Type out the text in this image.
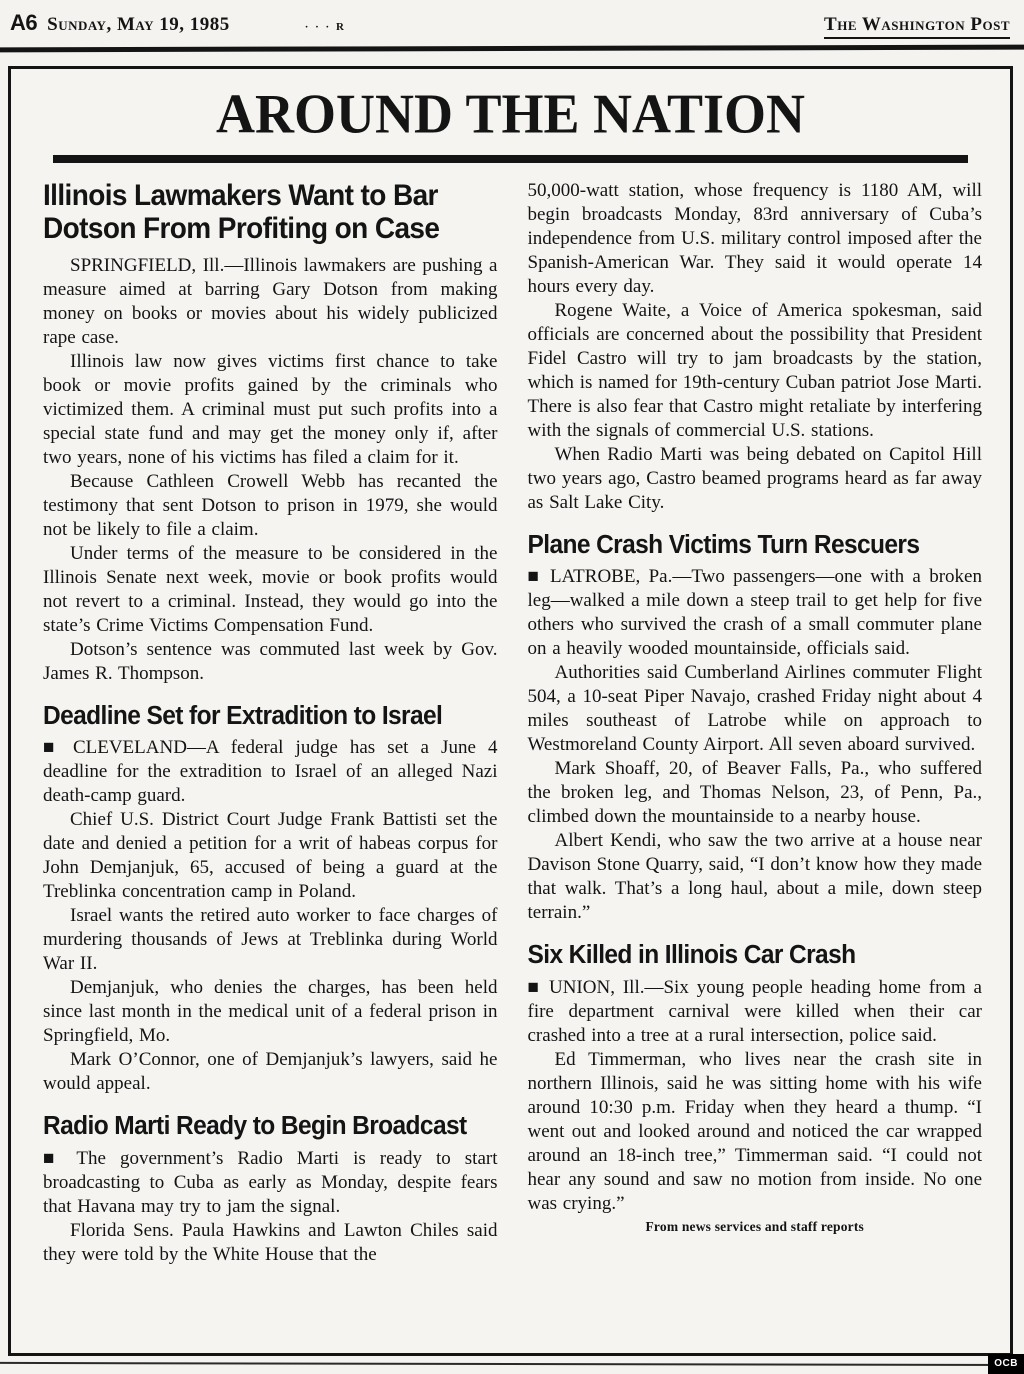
A6 Sunday, May 19, 1985	· · · R	The Washington Post
AROUND THE NATION
Illinois Lawmakers Want to Bar Dotson From Profiting on Case

SPRINGFIELD, Ill.—Illinois lawmakers are pushing a measure aimed at barring Gary Dotson from making money on books or movies about his widely publicized rape case.

Illinois law now gives victims first chance to take book or movie profits gained by the criminals who victimized them. A criminal must put such profits into a special state fund and may get the money only if, after two years, none of his victims has filed a claim for it.

Because Cathleen Crowell Webb has recanted the testimony that sent Dotson to prison in 1979, she would not be likely to file a claim.

Under terms of the measure to be considered in the Illinois Senate next week, movie or book profits would not revert to a criminal. Instead, they would go into the state’s Crime Victims Compensation Fund.

Dotson’s sentence was commuted last week by Gov. James R. Thompson.

Deadline Set for Extradition to Israel

■ CLEVELAND—A federal judge has set a June 4 deadline for the extradition to Israel of an alleged Nazi death-camp guard.

Chief U.S. District Court Judge Frank Battisti set the date and denied a petition for a writ of habeas corpus for John Demjanjuk, 65, accused of being a guard at the Treblinka concentration camp in Poland.

Israel wants the retired auto worker to face charges of murdering thousands of Jews at Treblinka during World War II.

Demjanjuk, who denies the charges, has been held since last month in the medical unit of a federal prison in Springfield, Mo.

Mark O’Connor, one of Demjanjuk’s lawyers, said he would appeal.

Radio Marti Ready to Begin Broadcast

■ The government’s Radio Marti is ready to start broadcasting to Cuba as early as Monday, despite fears that Havana may try to jam the signal.

Florida Sens. Paula Hawkins and Lawton Chiles said they were told by the White House that the

50,000-watt station, whose frequency is 1180 AM, will begin broadcasts Monday, 83rd anniversary of Cuba’s independence from U.S. military control imposed after the Spanish-American War. They said it would operate 14 hours every day.

Rogene Waite, a Voice of America spokesman, said officials are concerned about the possibility that President Fidel Castro will try to jam broadcasts by the station, which is named for 19th-century Cuban patriot Jose Marti. There is also fear that Castro might retaliate by interfering with the signals of commercial U.S. stations.

When Radio Marti was being debated on Capitol Hill two years ago, Castro beamed programs heard as far away as Salt Lake City.

Plane Crash Victims Turn Rescuers

■ LATROBE, Pa.—Two passengers—one with a broken leg—walked a mile down a steep trail to get help for five others who survived the crash of a small commuter plane on a heavily wooded mountainside, officials said.

Authorities said Cumberland Airlines commuter Flight 504, a 10-seat Piper Navajo, crashed Friday night about 4 miles southeast of Latrobe while on approach to Westmoreland County Airport. All seven aboard survived.

Mark Shoaff, 20, of Beaver Falls, Pa., who suffered the broken leg, and Thomas Nelson, 23, of Penn, Pa., climbed down the mountainside to a nearby house.

Albert Kendi, who saw the two arrive at a house near Davison Stone Quarry, said, “I don’t know how they made that walk. That’s a long haul, about a mile, down steep terrain.”

Six Killed in Illinois Car Crash

■ UNION, Ill.—Six young people heading home from a fire department carnival were killed when their car crashed into a tree at a rural intersection, police said.

Ed Timmerman, who lives near the crash site in northern Illinois, said he was sitting home with his wife around 10:30 p.m. Friday when they heard a thump. “I went out and looked around and noticed the car wrapped around an 18-inch tree,” Timmerman said. “I could not hear any sound and saw no motion from inside. No one was crying.”

From news services and staff reports
OCB
